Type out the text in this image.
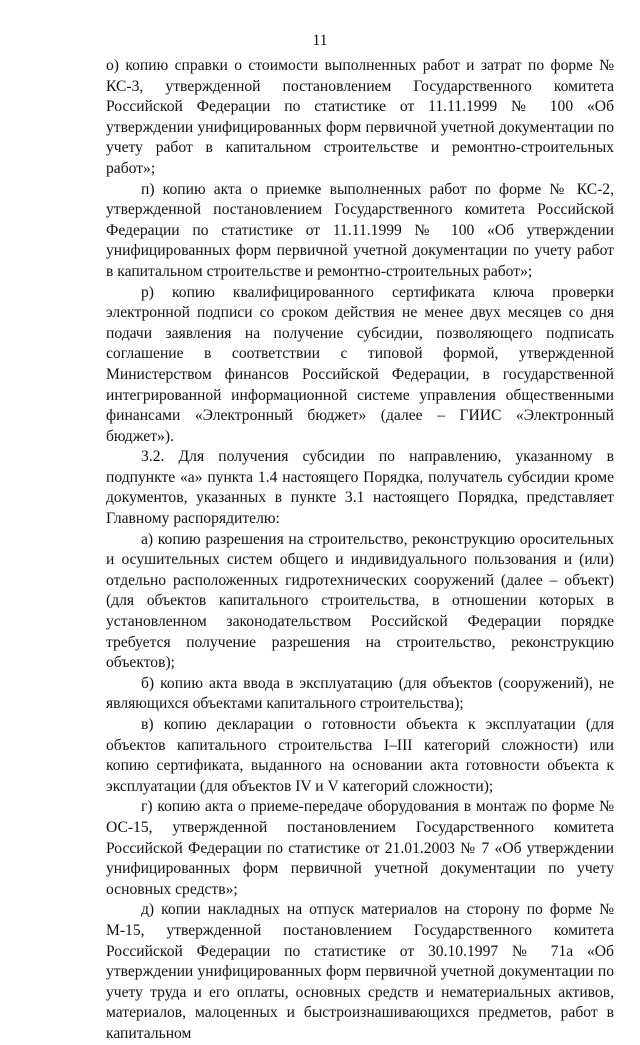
11

о) копию справки о стоимости выполненных работ и затрат по форме № КС-3, утвержденной постановлением Государственного комитета Российской Федерации по статистике от 11.11.1999 № 100 «Об утверждении унифицированных форм первичной учетной документации по учету работ в капитальном строительстве и ремонтно-строительных работ»;

п) копию акта о приемке выполненных работ по форме № КС-2, утвержденной постановлением Государственного комитета Российской Федерации по статистике от 11.11.1999 № 100 «Об утверждении унифицированных форм первичной учетной документации по учету работ в капитальном строительстве и ремонтно-строительных работ»;

р) копию квалифицированного сертификата ключа проверки электронной подписи со сроком действия не менее двух месяцев со дня подачи заявления на получение субсидии, позволяющего подписать соглашение в соответствии с типовой формой, утвержденной Министерством финансов Российской Федерации, в государственной интегрированной информационной системе управления общественными финансами «Электронный бюджет» (далее – ГИИС «Электронный бюджет»).

3.2. Для получения субсидии по направлению, указанному в подпункте «а» пункта 1.4 настоящего Порядка, получатель субсидии кроме документов, указанных в пункте 3.1 настоящего Порядка, представляет Главному распорядителю:

а) копию разрешения на строительство, реконструкцию оросительных и осушительных систем общего и индивидуального пользования и (или) отдельно расположенных гидротехнических сооружений (далее – объект) (для объектов капитального строительства, в отношении которых в установленном законодательством Российской Федерации порядке требуется получение разрешения на строительство, реконструкцию объектов);

б) копию акта ввода в эксплуатацию (для объектов (сооружений), не являющихся объектами капитального строительства);

в) копию декларации о готовности объекта к эксплуатации (для объектов капитального строительства I–III категорий сложности) или копию сертификата, выданного на основании акта готовности объекта к эксплуатации (для объектов IV и V категорий сложности);

г) копию акта о приеме-передаче оборудования в монтаж по форме № ОС-15, утвержденной постановлением Государственного комитета Российской Федерации по статистике от 21.01.2003 № 7 «Об утверждении унифицированных форм первичной учетной документации по учету основных средств»;

д) копии накладных на отпуск материалов на сторону по форме № М-15, утвержденной постановлением Государственного комитета Российской Федерации по статистике от 30.10.1997 № 71а «Об утверждении унифицированных форм первичной учетной документации по учету труда и его оплаты, основных средств и нематериальных активов, материалов, малоценных и быстроизнашивающихся предметов, работ в капитальном
